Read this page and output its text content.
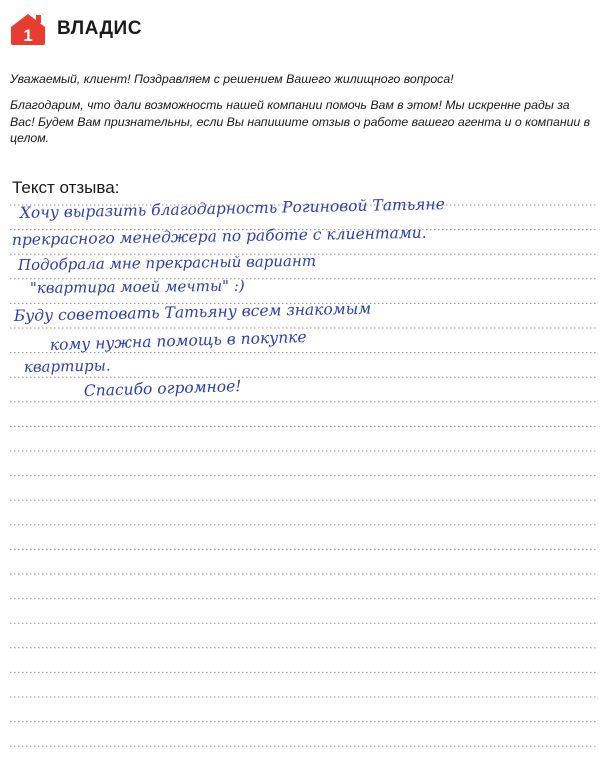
1 ВЛАДИС

Уважаемый, клиент! Поздравляем с решением Вашего жилищного вопроса!

Благодарим, что дали возможность нашей компании помочь Вам в этом! Мы искренне рады за Вас! Будем Вам признательны, если Вы напишите отзыв о работе вашего агента и о компании в целом.

Текст отзыва:
Хочу выразить благодарность Рогиновой Татьяне
прекрасного менеджера по работе с клиентами.
Подобрала мне прекрасный вариант
"квартира моей мечты" :)
Буду советовать Татьяну всем знакомым
кому нужна помощь в покупке
квартиры.
Спасибо огромное!
